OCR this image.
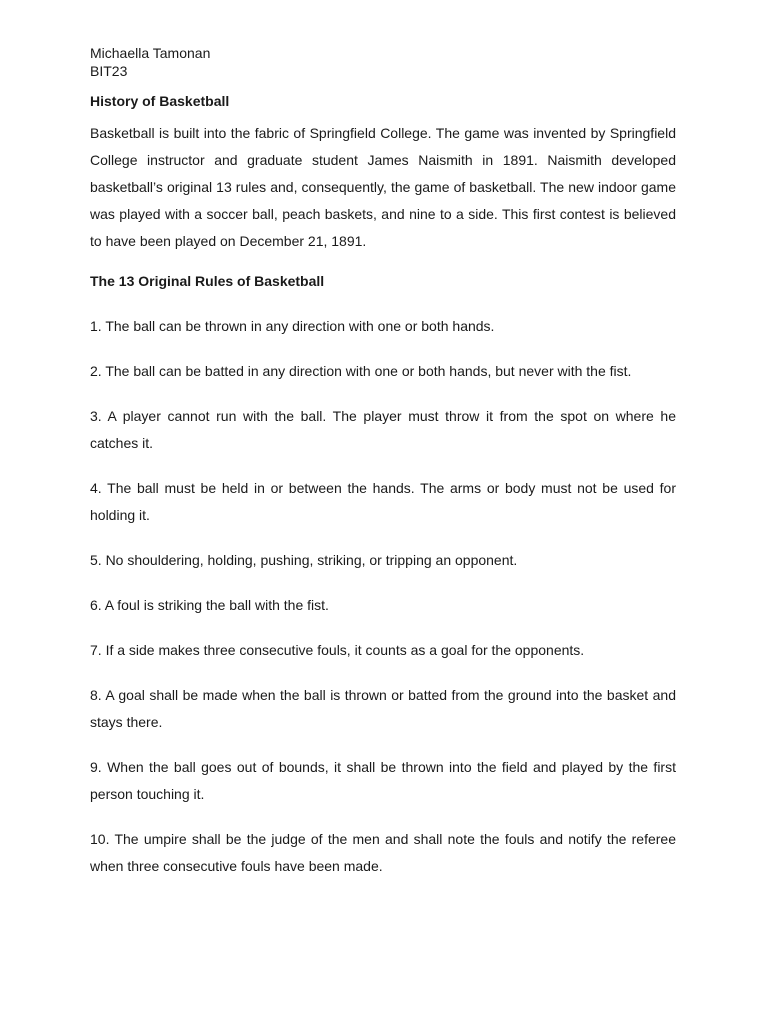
Michaella Tamonan

BIT23

History of Basketball

Basketball is built into the fabric of Springfield College. The game was invented by Springfield College instructor and graduate student James Naismith in 1891. Naismith developed basketball’s original 13 rules and, consequently, the game of basketball. The new indoor game was played with a soccer ball, peach baskets, and nine to a side. This first contest is believed to have been played on December 21, 1891.

The 13 Original Rules of Basketball
1. The ball can be thrown in any direction with one or both hands.
2. The ball can be batted in any direction with one or both hands, but never with the fist.
3. A player cannot run with the ball. The player must throw it from the spot on where he catches it.
4. The ball must be held in or between the hands. The arms or body must not be used for holding it.
5. No shouldering, holding, pushing, striking, or tripping an opponent.
6. A foul is striking the ball with the fist.
7. If a side makes three consecutive fouls, it counts as a goal for the opponents.
8. A goal shall be made when the ball is thrown or batted from the ground into the basket and stays there.
9. When the ball goes out of bounds, it shall be thrown into the field and played by the first person touching it.
10. The umpire shall be the judge of the men and shall note the fouls and notify the referee when three consecutive fouls have been made.
